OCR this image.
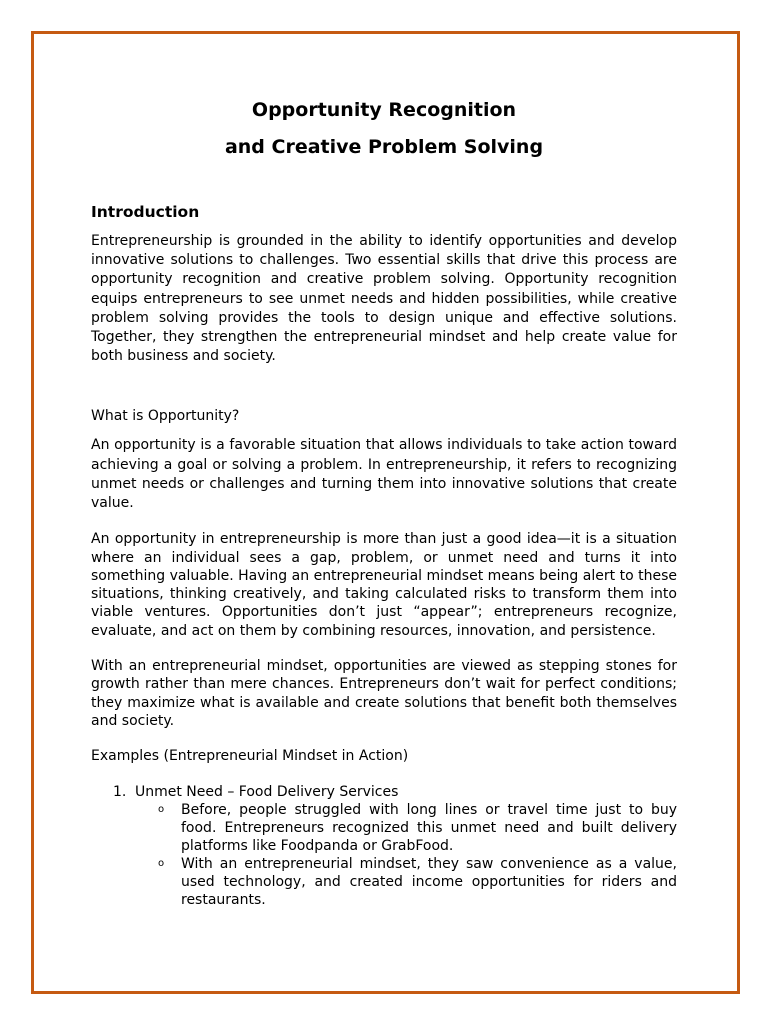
Opportunity Recognition
and Creative Problem Solving
Introduction

Entrepreneurship is grounded in the ability to identify opportunities and develop innovative solutions to challenges. Two essential skills that drive this process are opportunity recognition and creative problem solving. Opportunity recognition equips entrepreneurs to see unmet needs and hidden possibilities, while creative problem solving provides the tools to design unique and effective solutions. Together, they strengthen the entrepreneurial mindset and help create value for both business and society.

What is Opportunity?

An opportunity is a favorable situation that allows individuals to take action toward achieving a goal or solving a problem. In entrepreneurship, it refers to recognizing unmet needs or challenges and turning them into innovative solutions that create value.

An opportunity in entrepreneurship is more than just a good idea—it is a situation where an individual sees a gap, problem, or unmet need and turns it into something valuable. Having an entrepreneurial mindset means being alert to these situations, thinking creatively, and taking calculated risks to transform them into viable ventures. Opportunities don’t just “appear”; entrepreneurs recognize, evaluate, and act on them by combining resources, innovation, and persistence.

With an entrepreneurial mindset, opportunities are viewed as stepping stones for growth rather than mere chances. Entrepreneurs don’t wait for perfect conditions; they maximize what is available and create solutions that benefit both themselves and society.

Examples (Entrepreneurial Mindset in Action)

1. Unmet Need – Food Delivery Services
o Before, people struggled with long lines or travel time just to buy food. Entrepreneurs recognized this unmet need and built delivery platforms like Foodpanda or GrabFood.
o With an entrepreneurial mindset, they saw convenience as a value, used technology, and created income opportunities for riders and restaurants.
